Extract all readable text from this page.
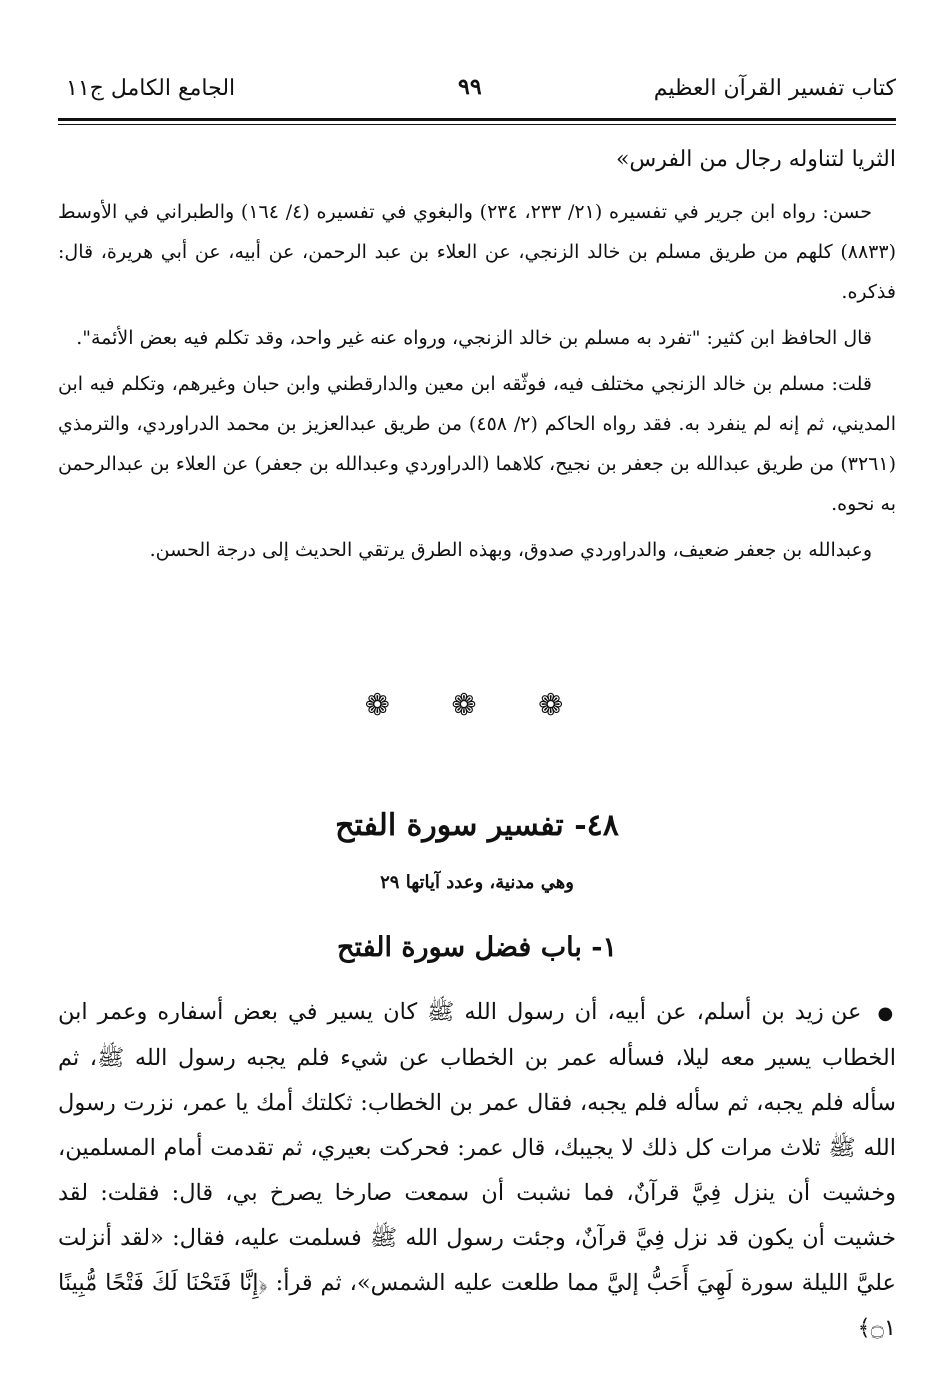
كتاب تفسير القرآن العظيم
٩٩
الجامع الكامل ج١١

الثريا لتناوله رجال من الفرس»

حسن: رواه ابن جرير في تفسيره (٢١/ ٢٣٣، ٢٣٤) والبغوي في تفسيره (٤/ ١٦٤) والطبراني في الأوسط (٨٨٣٣) كلهم من طريق مسلم بن خالد الزنجي، عن العلاء بن عبد الرحمن، عن أبيه، عن أبي هريرة، قال: فذكره.

قال الحافظ ابن كثير: "تفرد به مسلم بن خالد الزنجي، ورواه عنه غير واحد، وقد تكلم فيه بعض الأئمة".

قلت: مسلم بن خالد الزنجي مختلف فيه، فوثّقه ابن معين والدارقطني وابن حبان وغيرهم، وتكلم فيه ابن المديني، ثم إنه لم ينفرد به. فقد رواه الحاكم (٢/ ٤٥٨) من طريق عبدالعزيز بن محمد الدراوردي، والترمذي (٣٢٦١) من طريق عبدالله بن جعفر بن نجيح، كلاهما (الدراوردي وعبدالله بن جعفر) عن العلاء بن عبدالرحمن به نحوه.

وعبدالله بن جعفر ضعيف، والدراوردي صدوق، وبهذه الطرق يرتقي الحديث إلى درجة الحسن.

❁ ❁ ❁
٤٨- تفسير سورة الفتح
وهي مدنية، وعدد آياتها ٢٩
١- باب فضل سورة الفتح

● عن زيد بن أسلم، عن أبيه، أن رسول الله ﷺ كان يسير في بعض أسفاره وعمر ابن الخطاب يسير معه ليلا، فسأله عمر بن الخطاب عن شيء فلم يجبه رسول الله ﷺ، ثم سأله فلم يجبه، ثم سأله فلم يجبه، فقال عمر بن الخطاب: ثكلتك أمك يا عمر، نزرت رسول الله ﷺ ثلاث مرات كل ذلك لا يجيبك، قال عمر: فحركت بعيري، ثم تقدمت أمام المسلمين، وخشيت أن ينزل فِيَّ قرآنٌ، فما نشبت أن سمعت صارخا يصرخ بي، قال: فقلت: لقد خشيت أن يكون قد نزل فِيَّ قرآنٌ، وجئت رسول الله ﷺ فسلمت عليه، فقال: «لقد أنزلت عليَّ الليلة سورة لَهِيَ أَحَبُّ إليَّ مما طلعت عليه الشمس»، ثم قرأ: ﴿إِنَّا فَتَحْنَا لَكَ فَتْحًا مُّبِينًا ۝١﴾
